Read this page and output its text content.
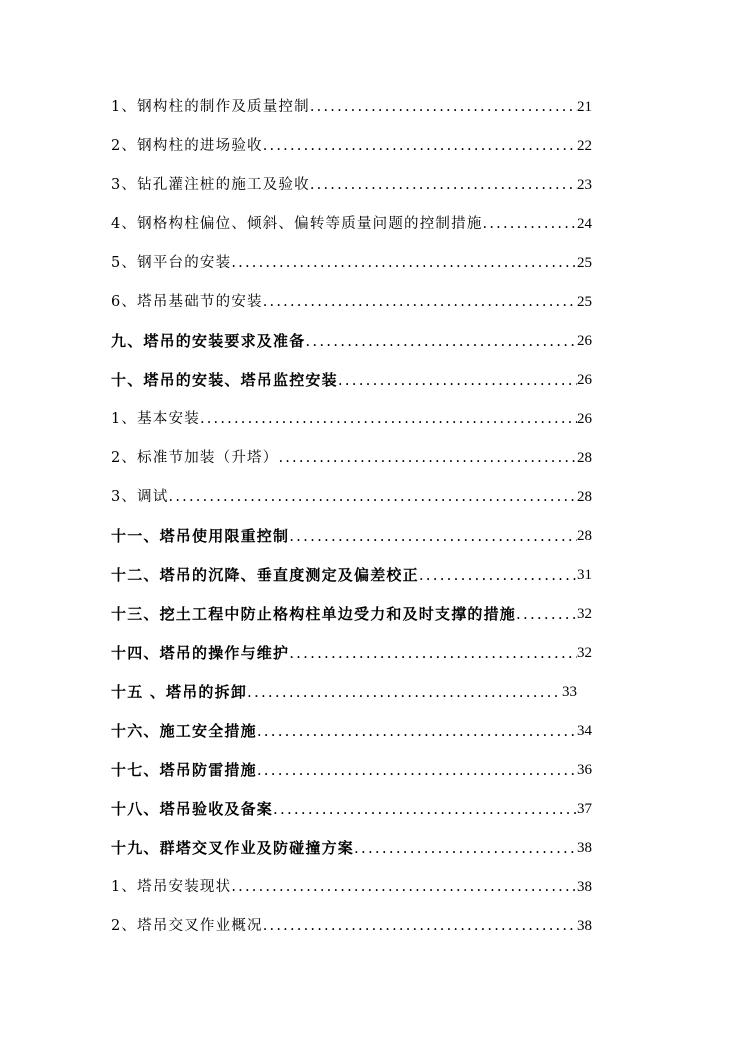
1、钢构柱的制作及质量控制 .....	21
2、钢构柱的进场验收 .....	22
3、钻孔灌注桩的施工及验收 .....	23
4、钢格构柱偏位、倾斜、偏转等质量问题的控制措施 .....	24
5、钢平台的安装 .....	25
6、塔吊基础节的安装 .....	25
九、塔吊的安装要求及准备 .....	26
十、塔吊的安装、塔吊监控安装 .....	26
1、基本安装 .....	26
2、标准节加装（升塔） .....	28
3、调试 .....	28
十一、塔吊使用限重控制 .....	28
十二、塔吊的沉降、垂直度测定及偏差校正 .....	31
十三、挖土工程中防止格构柱单边受力和及时支撑的措施 .....	32
十四、塔吊的操作与维护 .....	32
十五 、塔吊的拆卸 .....	33
十六、施工安全措施 .....	34
十七、塔吊防雷措施 .....	36
十八、塔吊验收及备案 .....	37
十九、群塔交叉作业及防碰撞方案 .....	38
1、塔吊安装现状 .....	38
2、塔吊交叉作业概况 .....	38
